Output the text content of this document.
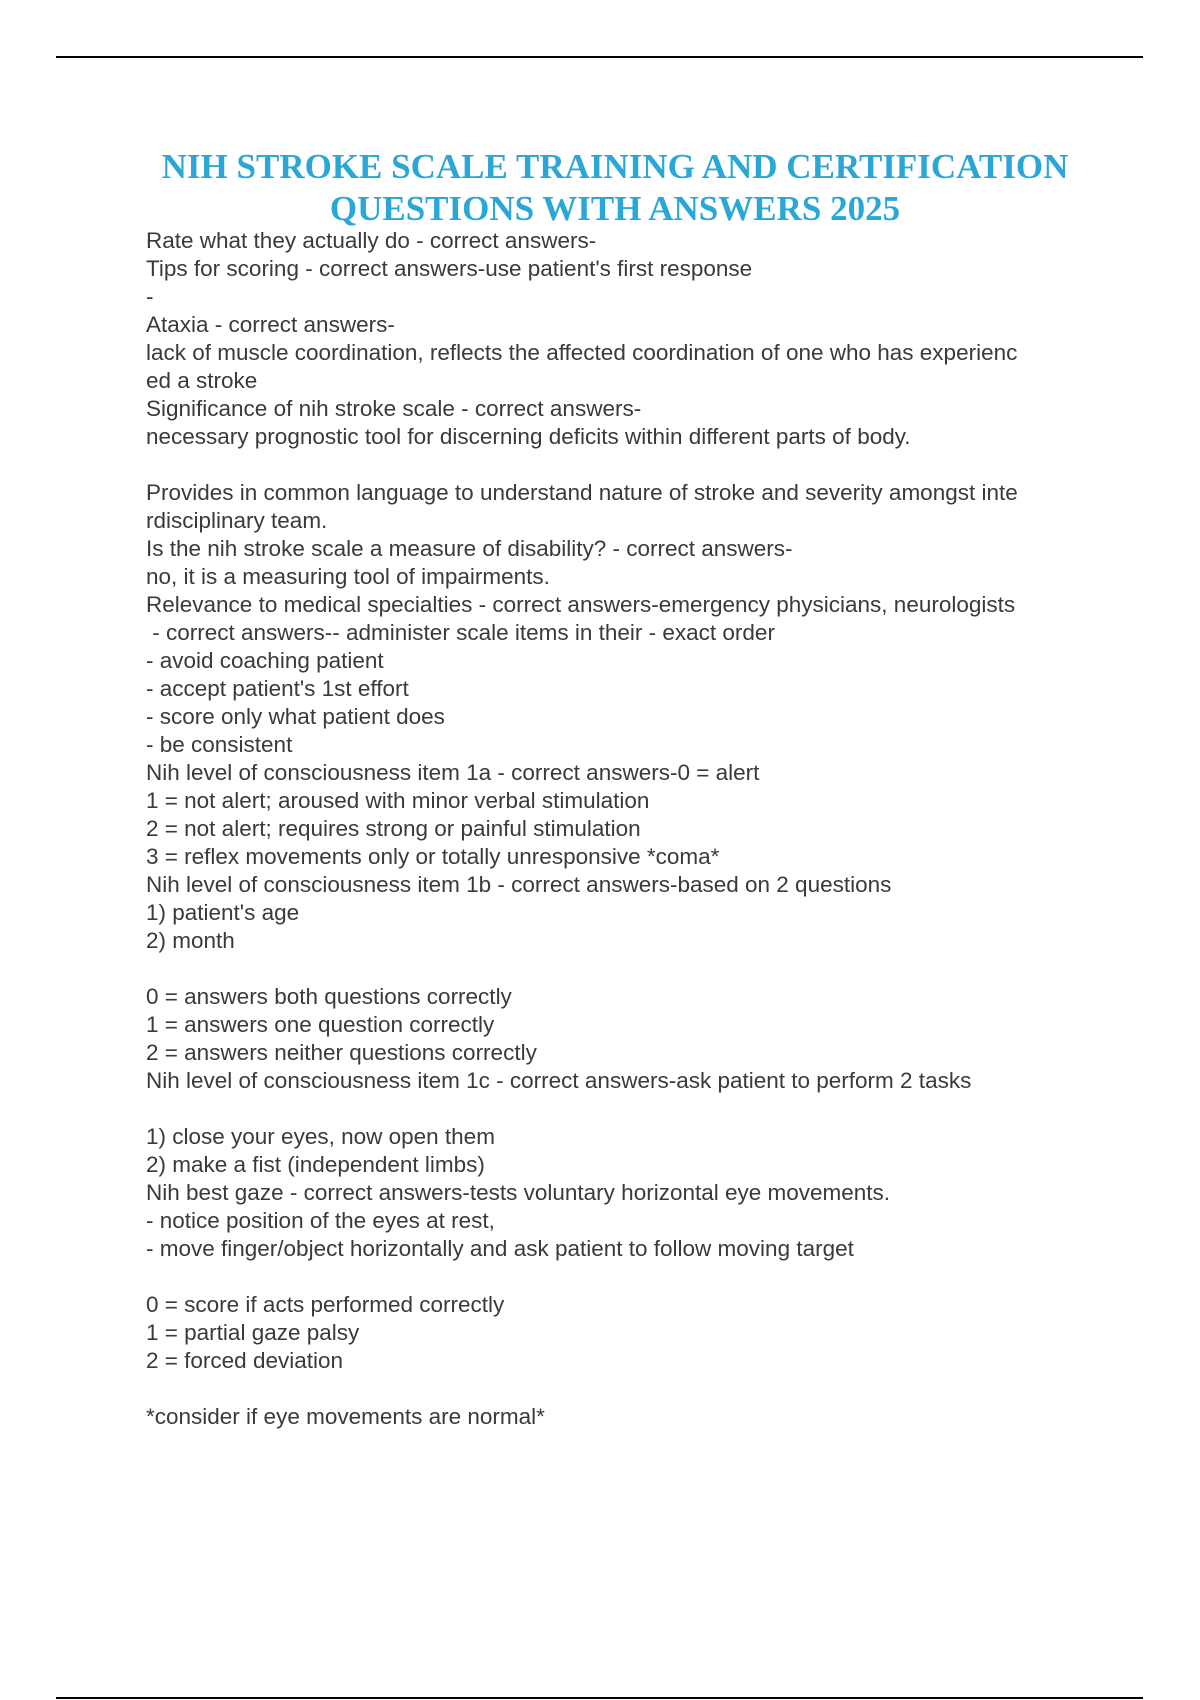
NIH STROKE SCALE TRAINING AND CERTIFICATION
QUESTIONS WITH ANSWERS 2025
Rate what they actually do - correct answers-
Tips for scoring - correct answers-use patient's first response
-
Ataxia - correct answers-
lack of muscle coordination, reflects the affected coordination of one who has experienc
ed a stroke
Significance of nih stroke scale - correct answers-
necessary prognostic tool for discerning deficits within different parts of body.
Provides in common language to understand nature of stroke and severity amongst inte
rdisciplinary team.
Is the nih stroke scale a measure of disability? - correct answers-
no, it is a measuring tool of impairments.
Relevance to medical specialties - correct answers-emergency physicians, neurologists
- correct answers-- administer scale items in their - exact order
- avoid coaching patient
- accept patient's 1st effort
- score only what patient does
- be consistent
Nih level of consciousness item 1a - correct answers-0 = alert
1 = not alert; aroused with minor verbal stimulation
2 = not alert; requires strong or painful stimulation
3 = reflex movements only or totally unresponsive *coma*
Nih level of consciousness item 1b - correct answers-based on 2 questions
1) patient's age
2) month
0 = answers both questions correctly
1 = answers one question correctly
2 = answers neither questions correctly
Nih level of consciousness item 1c - correct answers-ask patient to perform 2 tasks
1) close your eyes, now open them
2) make a fist (independent limbs)
Nih best gaze - correct answers-tests voluntary horizontal eye movements.
- notice position of the eyes at rest,
- move finger/object horizontally and ask patient to follow moving target
0 = score if acts performed correctly
1 = partial gaze palsy
2 = forced deviation
*consider if eye movements are normal*
